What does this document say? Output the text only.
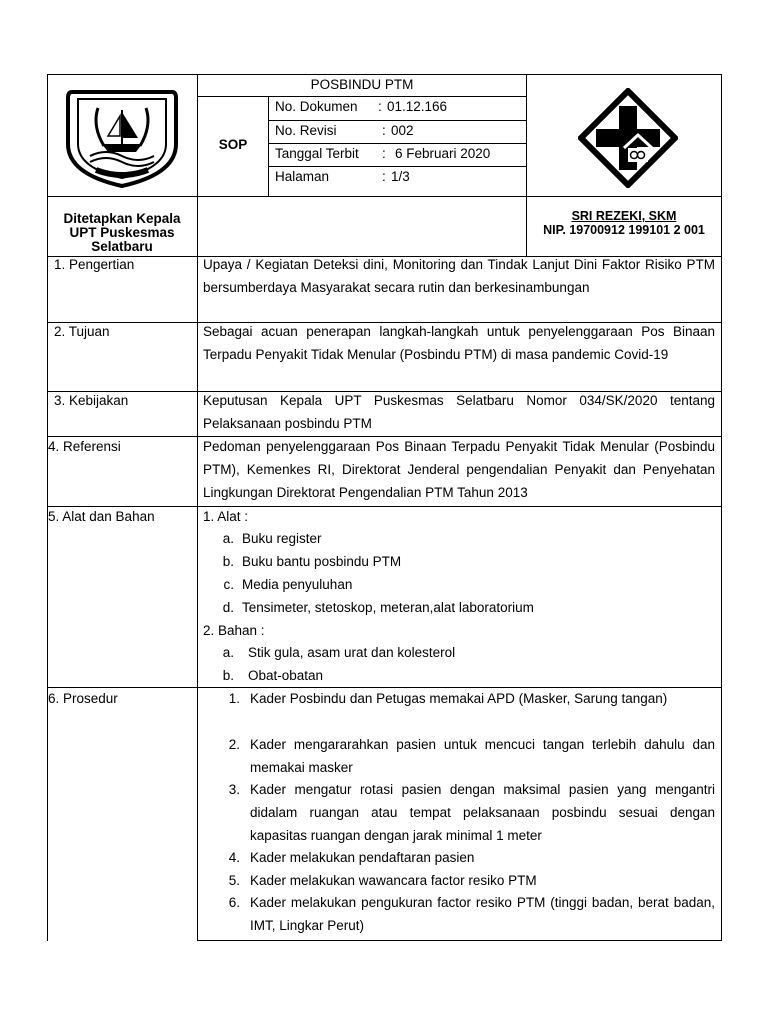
POSBINDU PTM
SOP
No. Dokumen : 01.12.166
No. Revisi	: 002
Tanggal Terbit : 6 Februari 2020
Halaman	: 1/3
Ditetapkan Kepala
UPT Puskesmas
Selatbaru
SRI REZEKI, SKM
NIP. 19700912 199101 2 001
1. Pengertian	Upaya / Kegiatan Deteksi dini, Monitoring dan Tindak Lanjut Dini Faktor Risiko PTM bersumberdaya Masyarakat secara rutin dan berkesinambungan
2. Tujuan	Sebagai acuan penerapan langkah-langkah untuk penyelenggaraan Pos Binaan Terpadu Penyakit Tidak Menular (Posbindu PTM) di masa pandemic Covid-19
3. Kebijakan	Keputusan Kepala UPT Puskesmas Selatbaru Nomor 034/SK/2020 tentang Pelaksanaan posbindu PTM
4. Referensi	Pedoman penyelenggaraan Pos Binaan Terpadu Penyakit Tidak Menular (Posbindu PTM), Kemenkes RI, Direktorat Jenderal pengendalian Penyakit dan Penyehatan Lingkungan Direktorat Pengendalian PTM Tahun 2013
5. Alat dan Bahan	1. Alat :
a. Buku register
b. Buku bantu posbindu PTM
c. Media penyuluhan
d. Tensimeter, stetoskop, meteran,alat laboratorium
2. Bahan :
a. Stik gula, asam urat dan kolesterol
b. Obat-obatan
6. Prosedur	1. Kader Posbindu dan Petugas memakai APD (Masker, Sarung tangan)
2. Kader mengararahkan pasien untuk mencuci tangan terlebih dahulu dan memakai masker
3. Kader mengatur rotasi pasien dengan maksimal pasien yang mengantri didalam ruangan atau tempat pelaksanaan posbindu sesuai dengan kapasitas ruangan dengan jarak minimal 1 meter
4. Kader melakukan pendaftaran pasien
5. Kader melakukan wawancara factor resiko PTM
6. Kader melakukan pengukuran factor resiko PTM (tinggi badan, berat badan, IMT, Lingkar Perut)
